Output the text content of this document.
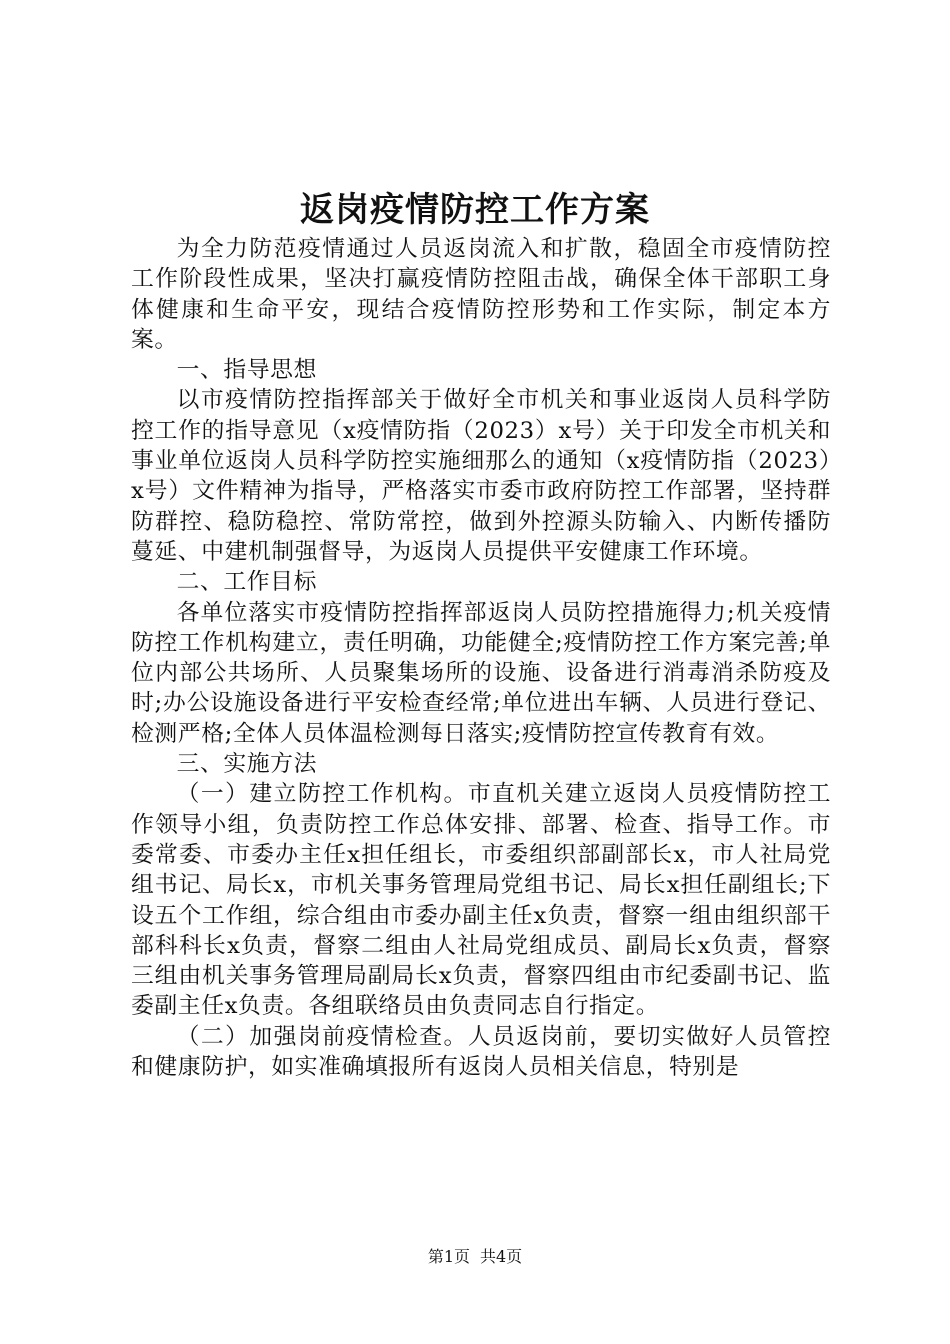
返岗疫情防控工作方案

为全力防范疫情通过人员返岗流入和扩散，稳固全市疫情防控工作阶段性成果，坚决打赢疫情防控阻击战，确保全体干部职工身体健康和生命平安，现结合疫情防控形势和工作实际，制定本方案。

一、指导思想

以市疫情防控指挥部关于做好全市机关和事业返岗人员科学防控工作的指导意见（x疫情防指（2023）x号）关于印发全市机关和事业单位返岗人员科学防控实施细那么的通知（x疫情防指（2023）x号）文件精神为指导，严格落实市委市政府防控工作部署，坚持群防群控、稳防稳控、常防常控，做到外控源头防输入、内断传播防蔓延、中建机制强督导，为返岗人员提供平安健康工作环境。

二、工作目标

各单位落实市疫情防控指挥部返岗人员防控措施得力;机关疫情防控工作机构建立，责任明确，功能健全;疫情防控工作方案完善;单位内部公共场所、人员聚集场所的设施、设备进行消毒消杀防疫及时;办公设施设备进行平安检查经常;单位进出车辆、人员进行登记、检测严格;全体人员体温检测每日落实;疫情防控宣传教育有效。

三、实施方法

（一）建立防控工作机构。市直机关建立返岗人员疫情防控工作领导小组，负责防控工作总体安排、部署、检查、指导工作。市委常委、市委办主任x担任组长，市委组织部副部长x，市人社局党组书记、局长x，市机关事务管理局党组书记、局长x担任副组长;下设五个工作组，综合组由市委办副主任x负责，督察一组由组织部干部科科长x负责，督察二组由人社局党组成员、副局长x负责，督察三组由机关事务管理局副局长x负责，督察四组由市纪委副书记、监委副主任x负责。各组联络员由负责同志自行指定。

（二）加强岗前疫情检查。人员返岗前，要切实做好人员管控和健康防护，如实准确填报所有返岗人员相关信息，特别是

第1页 共4页
